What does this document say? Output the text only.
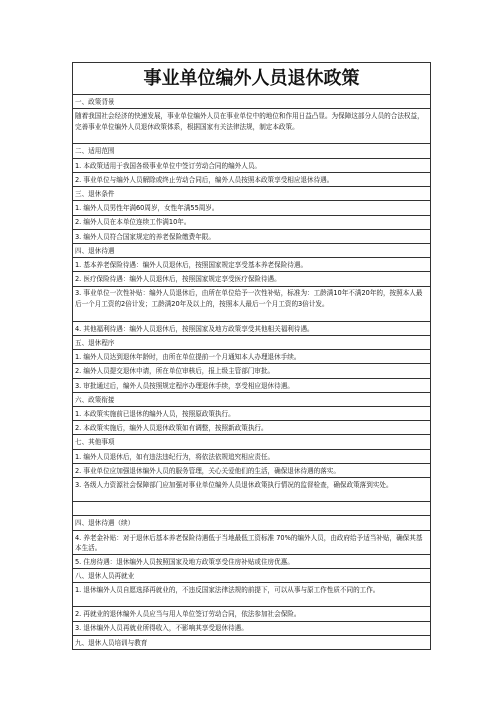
事业单位编外人员退休政策
一、政策背景
随着我国社会经济的快速发展，事业单位编外人员在事业单位中的地位和作用日益凸显。为保障这部分人员的合法权益，完善事业单位编外人员退休政策体系，根据国家有关法律法规，制定本政策。
二、适用范围
1. 本政策适用于我国各级事业单位中签订劳动合同的编外人员。
2. 事业单位与编外人员解除或终止劳动合同后，编外人员按照本政策享受相应退休待遇。
三、退休条件
1. 编外人员男性年满60周岁，女性年满55周岁。
2. 编外人员在本单位连续工作满10年。
3. 编外人员符合国家规定的养老保险缴费年限。
四、退休待遇
1. 基本养老保险待遇：编外人员退休后，按照国家规定享受基本养老保险待遇。
2. 医疗保险待遇：编外人员退休后，按照国家规定享受医疗保险待遇。
3. 事业单位一次性补贴：编外人员退休后，由所在单位给予一次性补贴，标准为：工龄满10年不满20年的，按照本人最后一个月工资的2倍计发；工龄满20年及以上的，按照本人最后一个月工资的3倍计发。
4. 其他福利待遇：编外人员退休后，按照国家及地方政策享受其他相关福利待遇。
五、退休程序
1. 编外人员达到退休年龄时，由所在单位提前一个月通知本人办理退休手续。
2. 编外人员提交退休申请，所在单位审核后，报上级主管部门审批。
3. 审批通过后，编外人员按照规定程序办理退休手续，享受相应退休待遇。
六、政策衔接
1. 本政策实施前已退休的编外人员，按照原政策执行。
2. 本政策实施后，编外人员退休政策如有调整，按照新政策执行。
七、其他事项
1. 编外人员退休后，如有违法违纪行为，将依法依规追究相应责任。
2. 事业单位应加强退休编外人员的服务管理，关心关爱他们的生活，确保退休待遇的落实。
3. 各级人力资源社会保障部门应加强对事业单位编外人员退休政策执行情况的监督检查，确保政策落到实处。
四、退休待遇（续）
4. 养老金补贴：对于退休后基本养老保险待遇低于当地最低工资标准 70%的编外人员，由政府给予适当补贴，确保其基本生活。
5. 住房待遇：退休编外人员按照国家及地方政策享受住房补贴或住房优惠。
八、退休人员再就业
1. 退休编外人员自愿选择再就业的，不违反国家法律法规的前提下，可以从事与原工作性质不同的工作。
2. 再就业的退休编外人员应当与用人单位签订劳动合同，依法参加社会保险。
3. 退休编外人员再就业所得收入，不影响其享受退休待遇。
九、退休人员培训与教育
